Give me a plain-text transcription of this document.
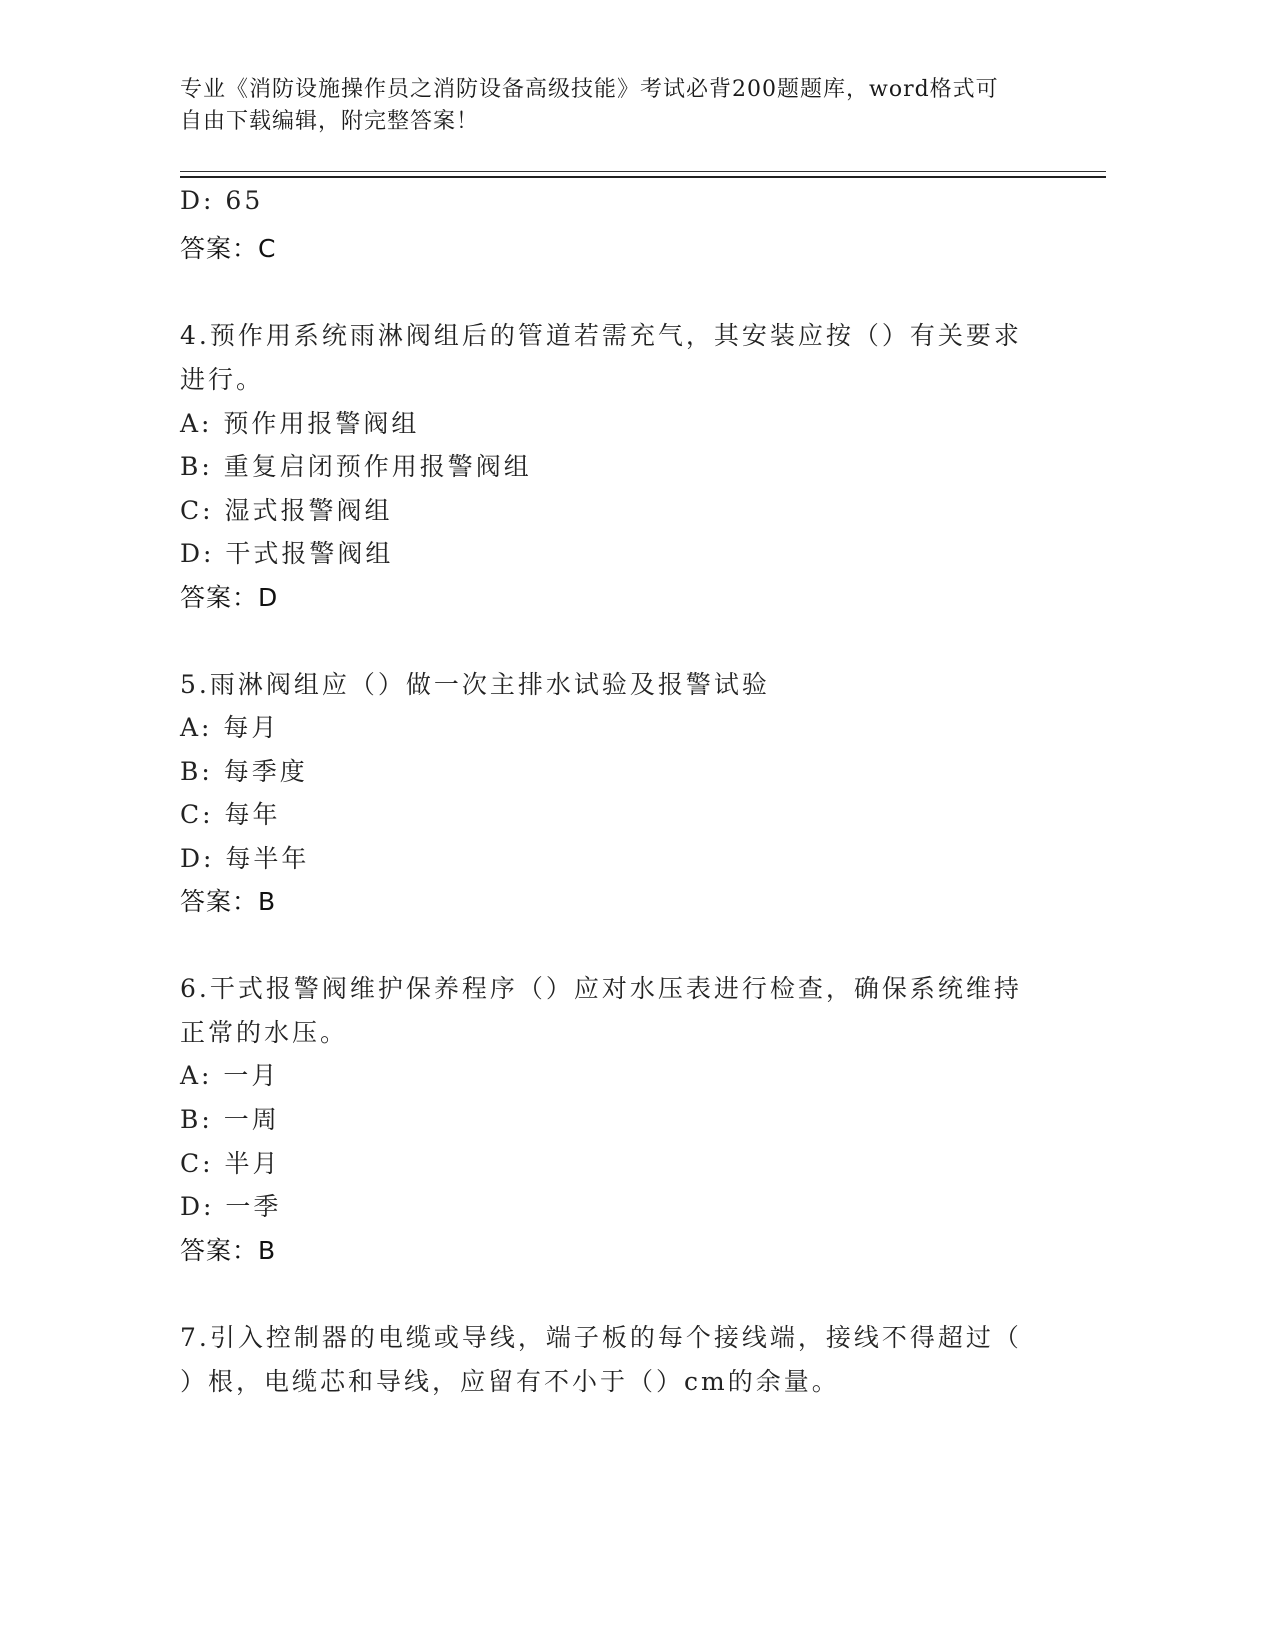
专业《消防设施操作员之消防设备高级技能》考试必背200题题库，word格式可
自由下载编辑，附完整答案！
D: 65
答案：C
4.预作用系统雨淋阀组后的管道若需充气，其安装应按（）有关要求
进行。
A: 预作用报警阀组
B: 重复启闭预作用报警阀组
C: 湿式报警阀组
D: 干式报警阀组
答案：D
5.雨淋阀组应（）做一次主排水试验及报警试验
A: 每月
B: 每季度
C: 每年
D: 每半年
答案：B
6.干式报警阀维护保养程序（）应对水压表进行检查，确保系统维持
正常的水压。
A: 一月
B: 一周
C: 半月
D: 一季
答案：B
7.引入控制器的电缆或导线，端子板的每个接线端，接线不得超过（
）根，电缆芯和导线，应留有不小于（）cm的余量。
